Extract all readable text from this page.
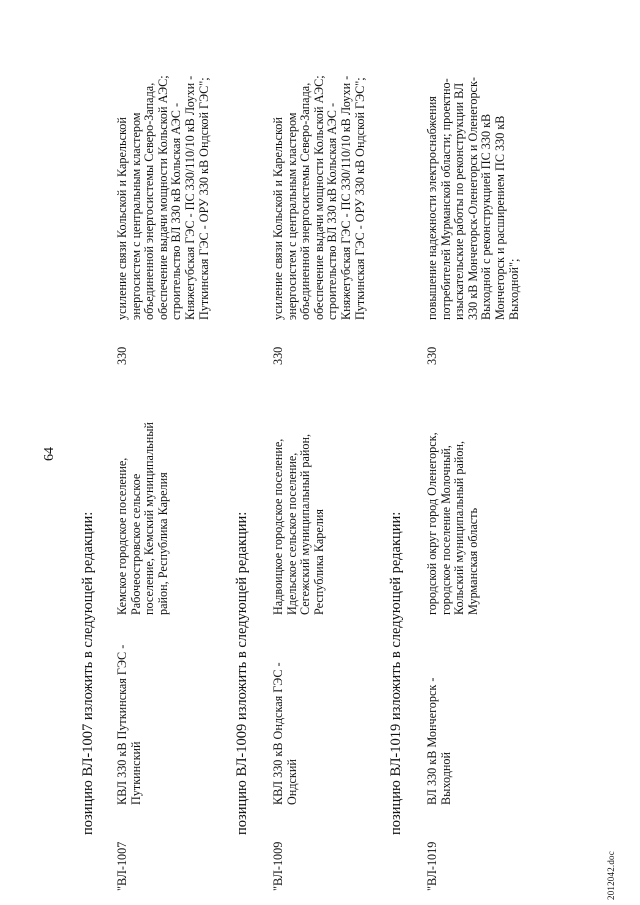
64
позицию ВЛ-1007 изложить в следующей редакции:
"ВЛ-1007
КВЛ 330 кВ Путкинская ГЭС - Путкинский
Кемское городское поселение, Рабочеостровское сельское поселение, Кемский муниципальный район, Республика Карелия
330
усиление связи Кольской и Карельской энергосистем с центральным кластером объединенной энергосистемы Северо-Запада, обеспечение выдачи мощности Кольской АЭС; строительство ВЛ 330 кВ Кольская АЭС - Княжегубская ГЭС - ПС 330/110/10 кВ Лоухи - Путкинская ГЭС - ОРУ 330 кВ Ондской ГЭС";
позицию ВЛ-1009 изложить в следующей редакции:
"ВЛ-1009
КВЛ 330 кВ Ондская ГЭС - Ондский
Надвоицкое городское поселение, Идельское сельское поселение, Сегежский муниципальный район, Республика Карелия
330
усиление связи Кольской и Карельской энергосистем с центральным кластером объединенной энергосистемы Северо-Запада, обеспечение выдачи мощности Кольской АЭС; строительство ВЛ 330 кВ Кольская АЭС - Княжегубская ГЭС - ПС 330/110/10 кВ Лоухи - Путкинская ГЭС - ОРУ 330 кВ Ондской ГЭС";
позицию ВЛ-1019 изложить в следующей редакции:
"ВЛ-1019
ВЛ 330 кВ Мончегорск - Выходной
городской округ город Оленегорск, городское поселение Молочный, Кольский муниципальный район, Мурманская область
330
повышение надежности электроснабжения потребителей Мурманской области; проектно-изыскательские работы по реконструкции ВЛ 330 кВ Мончегорск-Оленегорск и Оленегорск-Выходной с реконструкцией ПС 330 кВ Мончегорск и расширением ПС 330 кВ Выходной";
2012042.doc
